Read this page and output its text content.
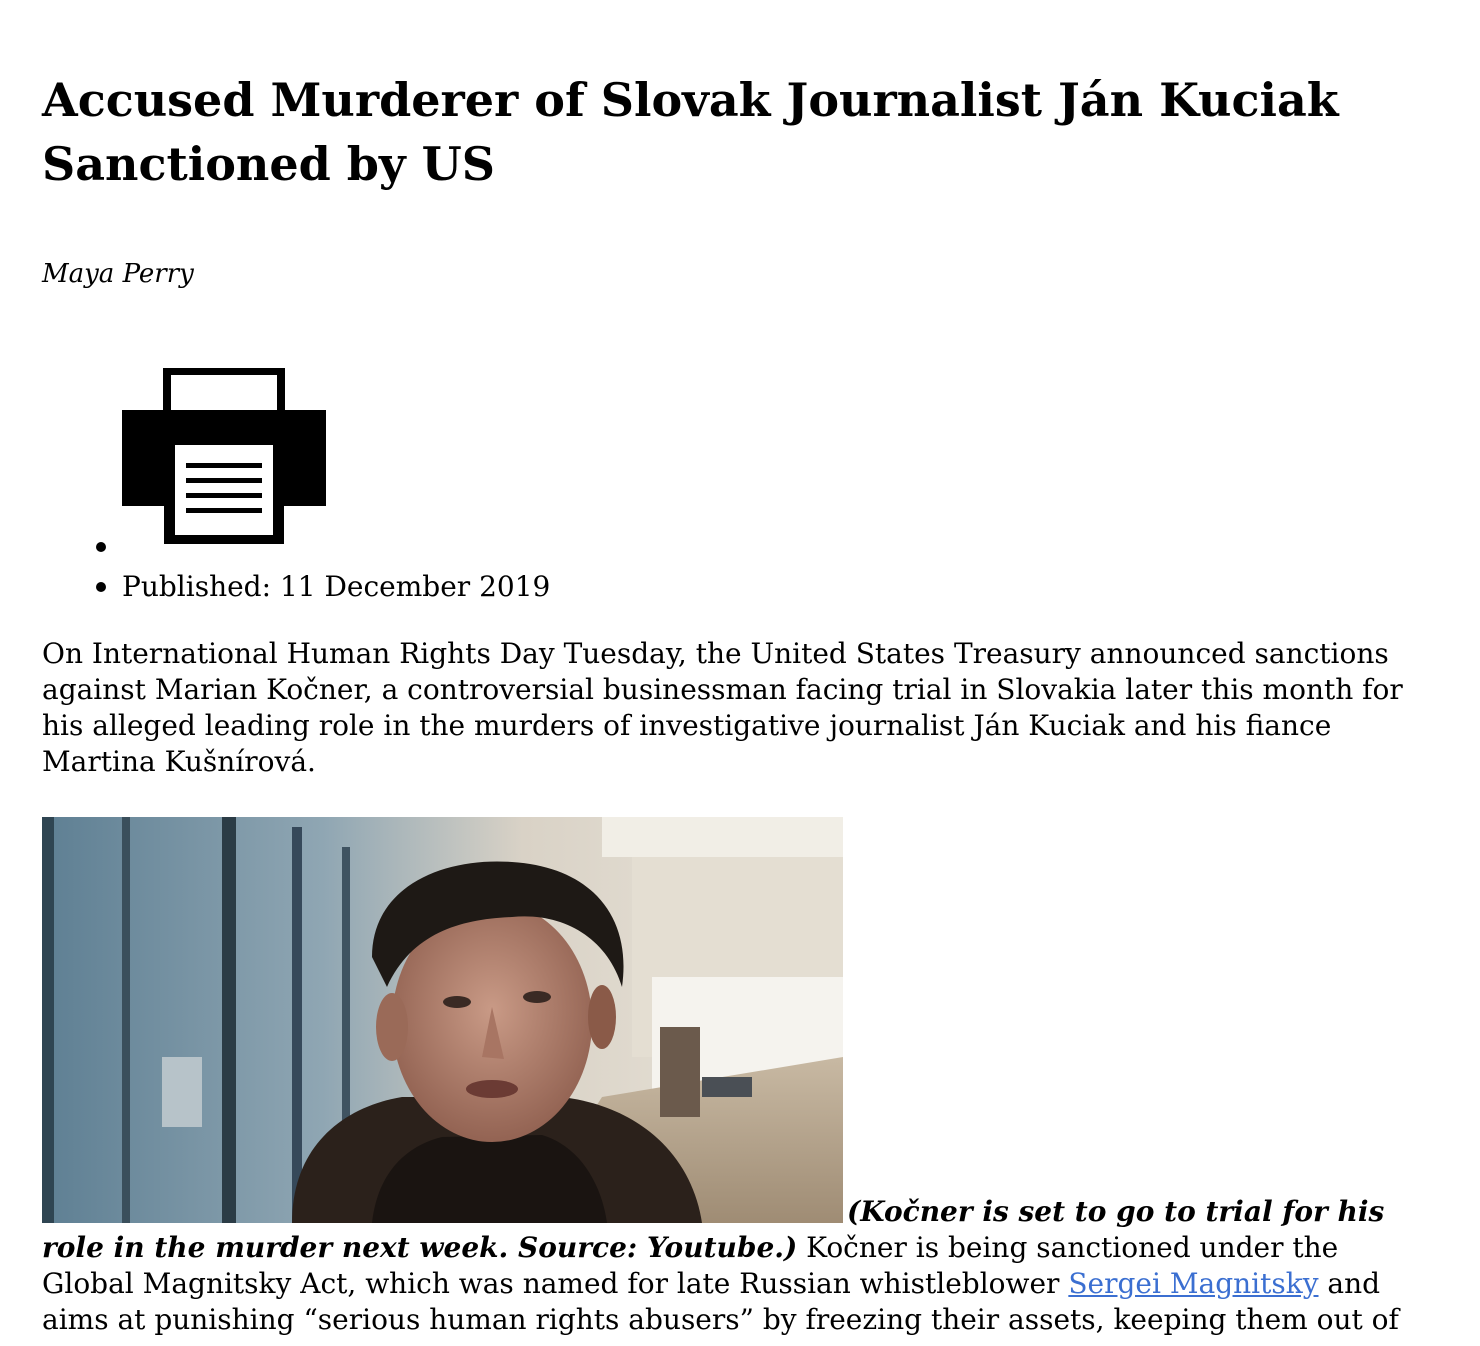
Accused Murderer of Slovak Journalist Ján Kuciak Sanctioned by US
Maya Perry
Published: 11 December 2019

On International Human Rights Day Tuesday, the United States Treasury announced sanctions against Marian Kočner, a controversial businessman facing trial in Slovakia later this month for his alleged leading role in the murders of investigative journalist Ján Kuciak and his fiance Martina Kušnírová.

(Kočner is set to go to trial for his role in the murder next week. Source: Youtube.) Kočner is being sanctioned under the Global Magnitsky Act, which was named for late Russian whistleblower Sergei Magnitsky and aims at punishing “serious human rights abusers” by freezing their assets, keeping them out of
